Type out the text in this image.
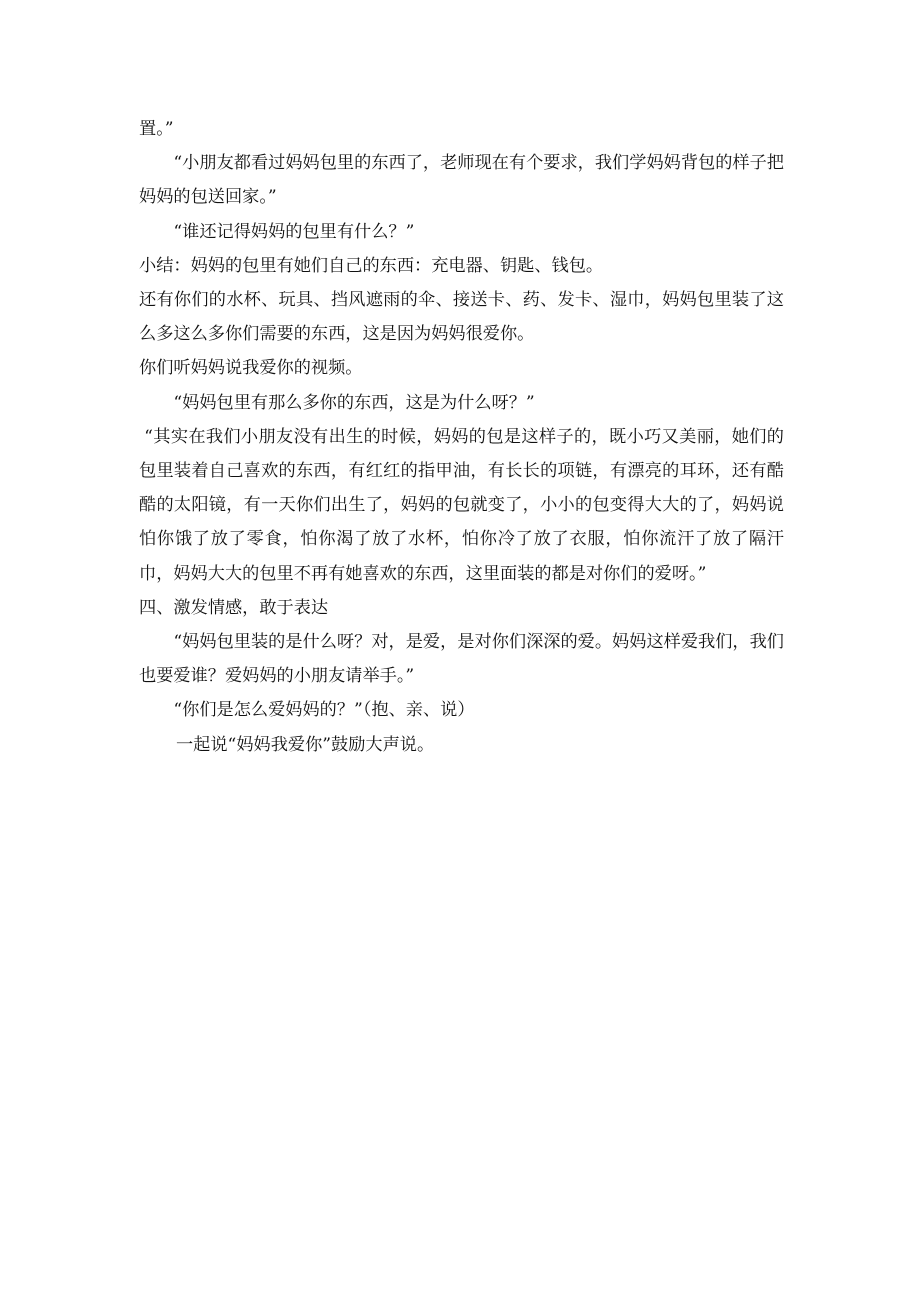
置。”

“小朋友都看过妈妈包里的东西了，老师现在有个要求，我们学妈妈背包的样子把妈妈的包送回家。”

“谁还记得妈妈的包里有什么？”

小结：妈妈的包里有她们自己的东西：充电器、钥匙、钱包。

还有你们的水杯、玩具、挡风遮雨的伞、接送卡、药、发卡、湿巾，妈妈包里装了这么多这么多你们需要的东西，这是因为妈妈很爱你。

你们听妈妈说我爱你的视频。

“妈妈包里有那么多你的东西，这是为什么呀？”

“其实在我们小朋友没有出生的时候，妈妈的包是这样子的，既小巧又美丽，她们的包里装着自己喜欢的东西，有红红的指甲油，有长长的项链，有漂亮的耳环，还有酷酷的太阳镜，有一天你们出生了，妈妈的包就变了，小小的包变得大大的了，妈妈说怕你饿了放了零食，怕你渴了放了水杯，怕你冷了放了衣服，怕你流汗了放了隔汗巾，妈妈大大的包里不再有她喜欢的东西，这里面装的都是对你们的爱呀。”

四、激发情感，敢于表达

“妈妈包里装的是什么呀？对，是爱，是对你们深深的爱。妈妈这样爱我们，我们也要爱谁？爱妈妈的小朋友请举手。”

“你们是怎么爱妈妈的？”（抱、亲、说）

一起说“妈妈我爱你”鼓励大声说。
